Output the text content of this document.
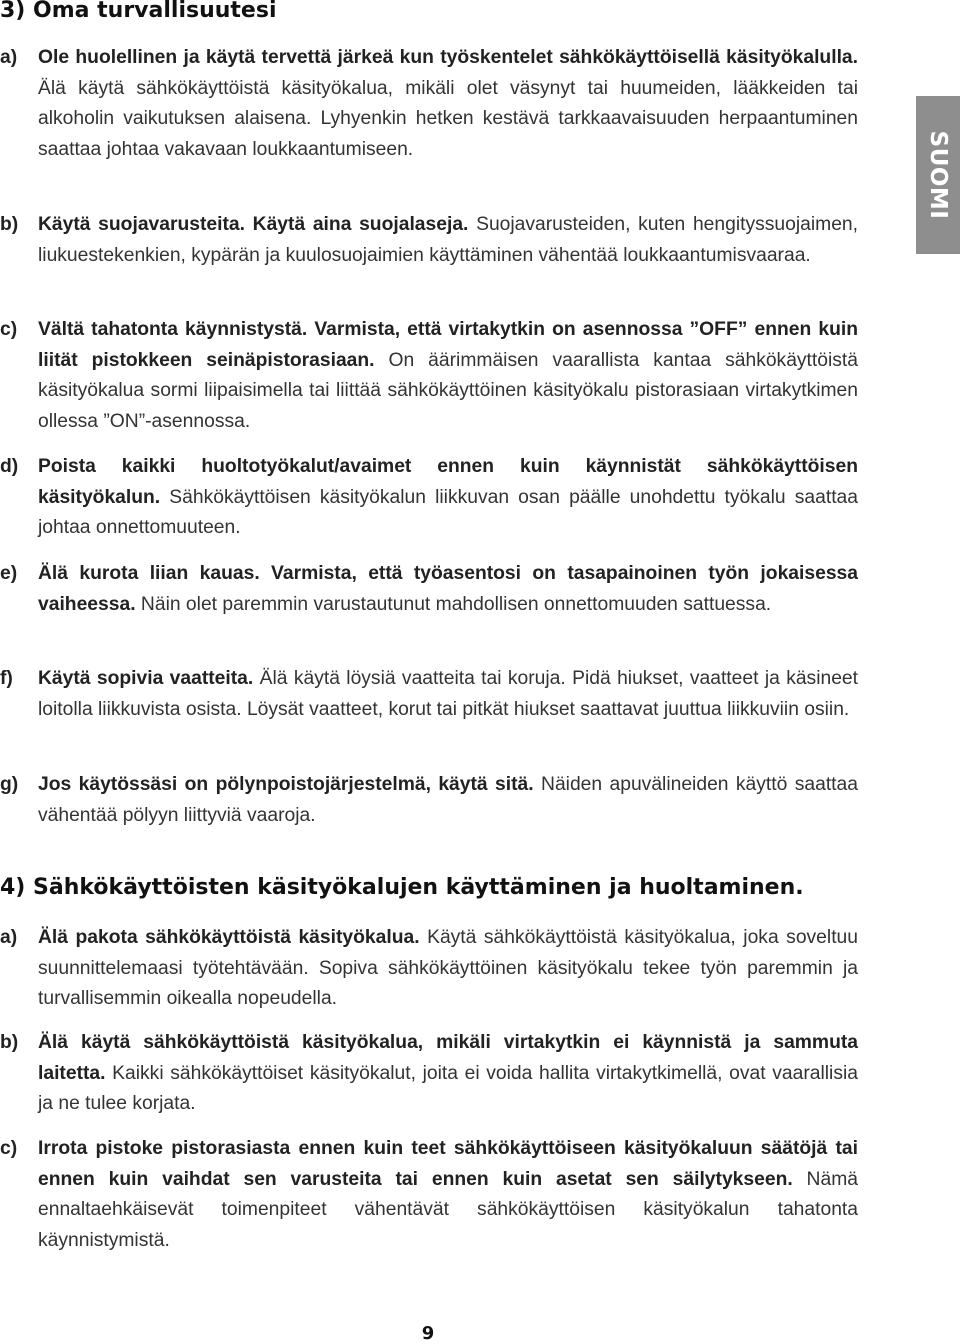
3) Oma turvallisuutesi
a)	Ole huolellinen ja käytä tervettä järkeä kun työskentelet sähkökäyttöisellä käsityökalulla. Älä käytä sähkökäyttöistä käsityökalua, mikäli olet väsynyt tai huumeiden, lääkkeiden tai alkoholin vaikutuksen alaisena. Lyhyenkin hetken kestävä tarkkaavaisuuden herpaantuminen saattaa johtaa vakavaan loukkaantumiseen.

b)	Käytä suojavarusteita. Käytä aina suojalaseja. Suojavarusteiden, kuten hengityssuojaimen, liukuestekenkien, kypärän ja kuulosuojaimien käyttäminen vähentää loukkaantumisvaaraa.

c)	Vältä tahatonta käynnistystä. Varmista, että virtakytkin on asennossa ”OFF” ennen kuin liität pistokkeen seinäpistorasiaan. On äärimmäisen vaarallista kantaa sähkökäyttöistä käsityökalua sormi liipaisimella tai liittää sähkökäyttöinen käsityökalu pistorasiaan virtakytkimen ollessa ”ON”-asennossa.

d)	Poista kaikki huoltotyökalut/avaimet ennen kuin käynnistät sähkökäyttöisen käsityökalun. Sähkökäyttöisen käsityökalun liikkuvan osan päälle unohdettu työkalu saattaa johtaa onnettomuuteen.

e)	Älä kurota liian kauas. Varmista, että työasentosi on tasapainoinen työn jokaisessa vaiheessa. Näin olet paremmin varustautunut mahdollisen onnettomuuden sattuessa.

f)	Käytä sopivia vaatteita. Älä käytä löysiä vaatteita tai koruja. Pidä hiukset, vaatteet ja käsineet loitolla liikkuvista osista. Löysät vaatteet, korut tai pitkät hiukset saattavat juuttua liikkuviin osiin.

g)	Jos käytössäsi on pölynpoistojärjestelmä, käytä sitä. Näiden apuvälineiden käyttö saattaa vähentää pölyyn liittyviä vaaroja.

4) Sähkökäyttöisten käsityökalujen käyttäminen ja huoltaminen.
a)	Älä pakota sähkökäyttöistä käsityökalua. Käytä sähkökäyttöistä käsityökalua, joka soveltuu suunnittelemaasi työtehtävään. Sopiva sähkökäyttöinen käsityökalu tekee työn paremmin ja turvallisemmin oikealla nopeudella.

b)	Älä käytä sähkökäyttöistä käsityökalua, mikäli virtakytkin ei käynnistä ja sammuta laitetta. Kaikki sähkökäyttöiset käsityökalut, joita ei voida hallita virtakytkimellä, ovat vaarallisia ja ne tulee korjata.

c)	Irrota pistoke pistorasiasta ennen kuin teet sähkökäyttöiseen käsityökaluun säätöjä tai ennen kuin vaihdat sen varusteita tai ennen kuin asetat sen säilytykseen. Nämä ennaltaehkäisevät toimenpiteet vähentävät sähkökäyttöisen käsityökalun tahatonta käynnistymistä.

SUOMI
9
